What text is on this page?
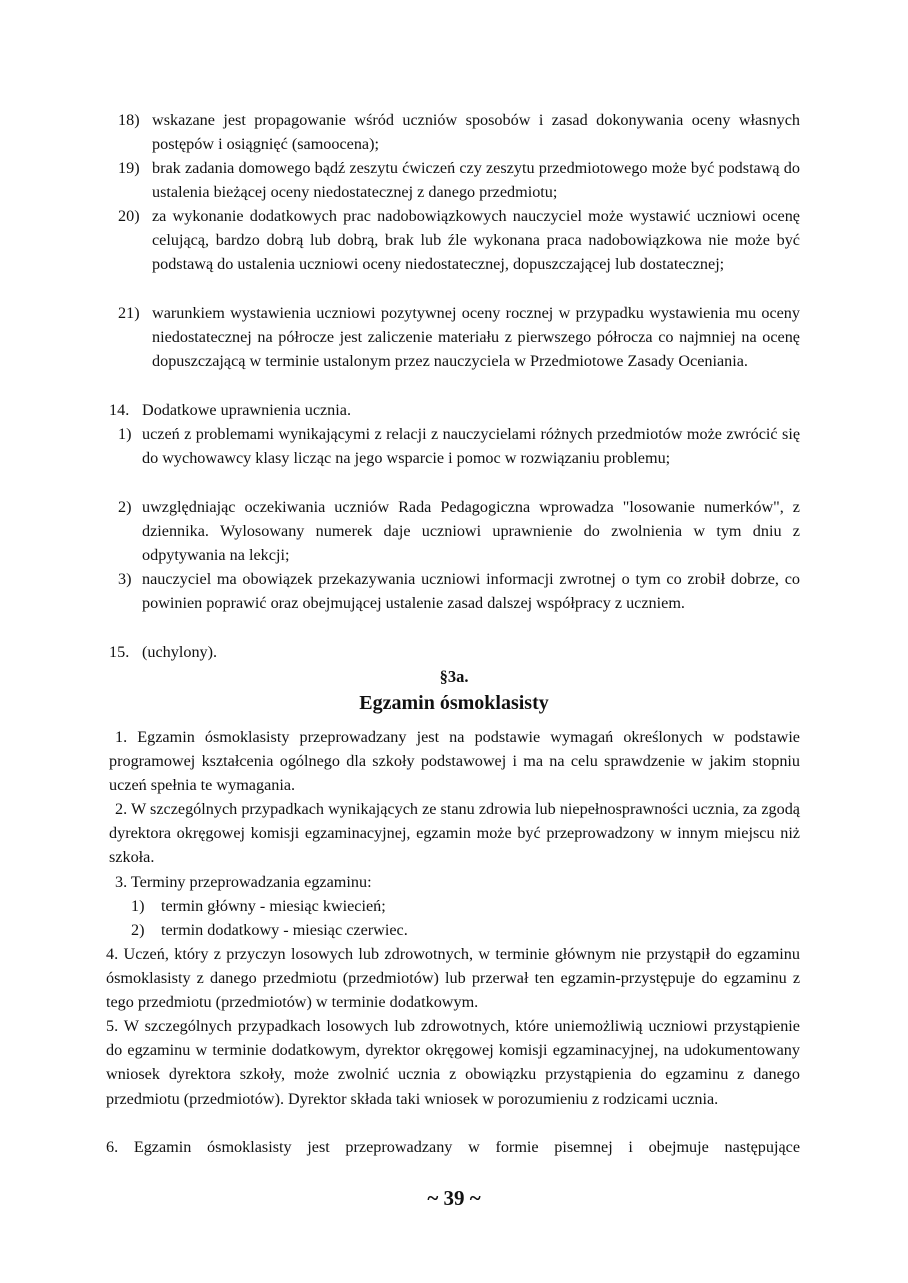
18) wskazane jest propagowanie wśród uczniów sposobów i zasad dokonywania oceny własnych postępów i osiągnięć (samoocena);
19) brak zadania domowego bądź zeszytu ćwiczeń czy zeszytu przedmiotowego może być podstawą do ustalenia bieżącej oceny niedostatecznej z danego przedmiotu;
20) za wykonanie dodatkowych prac nadobowiązkowych nauczyciel może wystawić uczniowi ocenę celującą, bardzo dobrą lub dobrą, brak lub źle wykonana praca nadobowiązkowa nie może być podstawą do ustalenia uczniowi oceny niedostatecznej, dopuszczającej lub dostatecznej;
21) warunkiem wystawienia uczniowi pozytywnej oceny rocznej w przypadku wystawienia mu oceny niedostatecznej na półrocze jest zaliczenie materiału z pierwszego półrocza co najmniej na ocenę dopuszczającą w terminie ustalonym przez nauczyciela w Przedmiotowe Zasady Oceniania.
14. Dodatkowe uprawnienia ucznia.
1) uczeń z problemami wynikającymi z relacji z nauczycielami różnych przedmiotów może zwrócić się do wychowawcy klasy licząc na jego wsparcie i pomoc w rozwiązaniu problemu;
2) uwzględniając oczekiwania uczniów Rada Pedagogiczna wprowadza "losowanie numerków", z dziennika. Wylosowany numerek daje uczniowi uprawnienie do zwolnienia w tym dniu z odpytywania na lekcji;
3) nauczyciel ma obowiązek przekazywania uczniowi informacji zwrotnej o tym co zrobił dobrze, co powinien poprawić oraz obejmującej ustalenie zasad dalszej współpracy z uczniem.
15. (uchylony).
§3a.
Egzamin ósmoklasisty
1. Egzamin ósmoklasisty przeprowadzany jest na podstawie wymagań określonych w podstawie programowej kształcenia ogólnego dla szkoły podstawowej i ma na celu sprawdzenie w jakim stopniu uczeń spełnia te wymagania.
2. W szczególnych przypadkach wynikających ze stanu zdrowia lub niepełnosprawności ucznia, za zgodą dyrektora okręgowej komisji egzaminacyjnej, egzamin może być przeprowadzony w innym miejscu niż szkoła.
3. Terminy przeprowadzania egzaminu:
1) termin główny - miesiąc kwiecień;
2) termin dodatkowy - miesiąc czerwiec.
4. Uczeń, który z przyczyn losowych lub zdrowotnych, w terminie głównym nie przystąpił do egzaminu ósmoklasisty z danego przedmiotu (przedmiotów) lub przerwał ten egzamin-przystępuje do egzaminu z tego przedmiotu (przedmiotów) w terminie dodatkowym.
5. W szczególnych przypadkach losowych lub zdrowotnych, które uniemożliwią uczniowi przystąpienie do egzaminu w terminie dodatkowym, dyrektor okręgowej komisji egzaminacyjnej, na udokumentowany wniosek dyrektora szkoły, może zwolnić ucznia z obowiązku przystąpienia do egzaminu z danego przedmiotu (przedmiotów). Dyrektor składa taki wniosek w porozumieniu z rodzicami ucznia.
6. Egzamin ósmoklasisty jest przeprowadzany w formie pisemnej i obejmuje następujące
~ 39 ~
